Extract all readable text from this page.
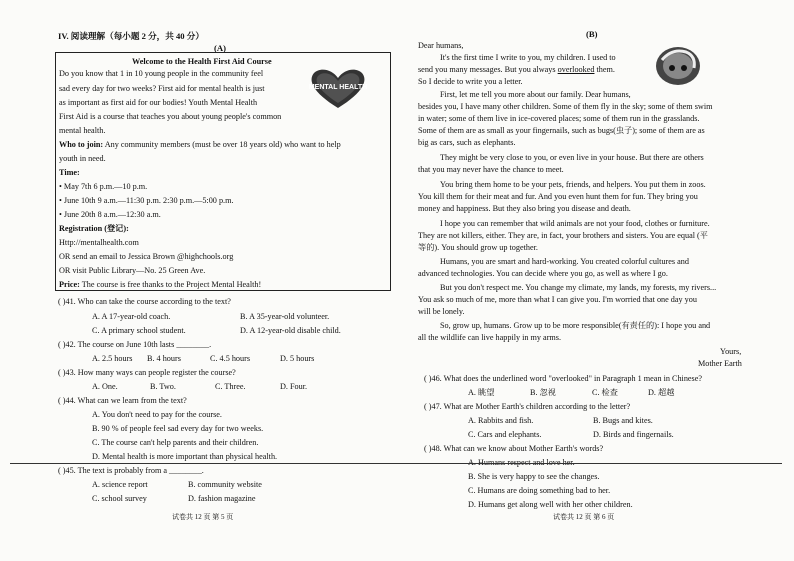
IV. 阅读理解（每小题 2 分，共 40 分）
(A)
Welcome to the Health First Aid Course
MENTAL HEALTH
Do you know that 1 in 10 young people in the community feel
sad every day for two weeks? First aid for mental health is just
as important as first aid for our bodies! Youth Mental Health
First Aid is a course that teaches you about young people's common
mental health.
Who to join: Any community members (must be over 18 years old) who want to help
youth in need.
Time:
• May 7th 6 p.m.—10 p.m.
• June 10th 9 a.m.—11:30 p.m. 2:30 p.m.—5:00 p.m.
• June 20th 8 a.m.—12:30 a.m.
Registration (登记):
Http://mentalhealth.com
OR send an email to Jessica Brown @highchools.org
OR visit Public Library—No. 25 Green Ave.
Price: The course is free thanks to the Project Mental Health!
( )41. Who can take the course according to the text?
A. A 17-year-old coach.	B. A 35-year-old volunteer.
C. A primary school student.	D. A 12-year-old disable child.
( )42. The course on June 10th lasts ________.
A. 2.5 hours B. 4 hours	C. 4.5 hours	D. 5 hours
( )43. How many ways can people register the course?
A. One.	B. Two.	C. Three.	D. Four.
( )44. What can we learn from the text?
A. You don't need to pay for the course.
B. 90 % of people feel sad every day for two weeks.
C. The course can't help parents and their children.
D. Mental health is more important than physical health.
( )45. The text is probably from a ________.
A. science report	B. community website
C. school survey	D. fashion magazine
试卷共 12 页 第 5 页
(B)
Dear humans,
It's the first time I write to you, my children. I used to
send you many messages. But you always overlooked them.
So I decide to write you a letter.
First, let me tell you more about our family. Dear humans,
besides you, I have many other children. Some of them fly in the sky; some of them swim
in water; some of them live in ice-covered places; some of them run in the grasslands.
Some of them are as small as your fingernails, such as bugs(虫子); some of them are as
big as cars, such as elephants.
They might be very close to you, or even live in your house. But there are others
that you may never have the chance to meet.
You bring them home to be your pets, friends, and helpers. You put them in zoos.
You kill them for their meat and fur. And you even hunt them for fun. They bring you
money and happiness. But they also bring you disease and death.
I hope you can remember that wild animals are not your food, clothes or furniture.
They are not killers, either. They are, in fact, your brothers and sisters. You are equal (平
等的). You should grow up together.
Humans, you are smart and hard-working. You created colorful cultures and
advanced technologies. You can decide where you go, as well as where I go.
But you don't respect me. You change my climate, my lands, my forests, my rivers...
You ask so much of me, more than what I can give you. I'm worried that one day you
will be lonely.
So, grow up, humans. Grow up to be more responsible(有责任的): I hope you and
all the wildlife can live happily in my arms.
Yours,
Mother Earth
( )46. What does the underlined word "overlooked" in Paragraph 1 mean in Chinese?
A. 眺望	B. 忽视	C. 检查	D. 超越
( )47. What are Mother Earth's children according to the letter?
A. Rabbits and fish.	B. Bugs and kites.
C. Cars and elephants.	D. Birds and fingernails.
( )48. What can we know about Mother Earth's words?
A. Humans respect and love her.
B. She is very happy to see the changes.
C. Humans are doing something bad to her.
D. Humans get along well with her other children.
试卷共 12 页 第 6 页
